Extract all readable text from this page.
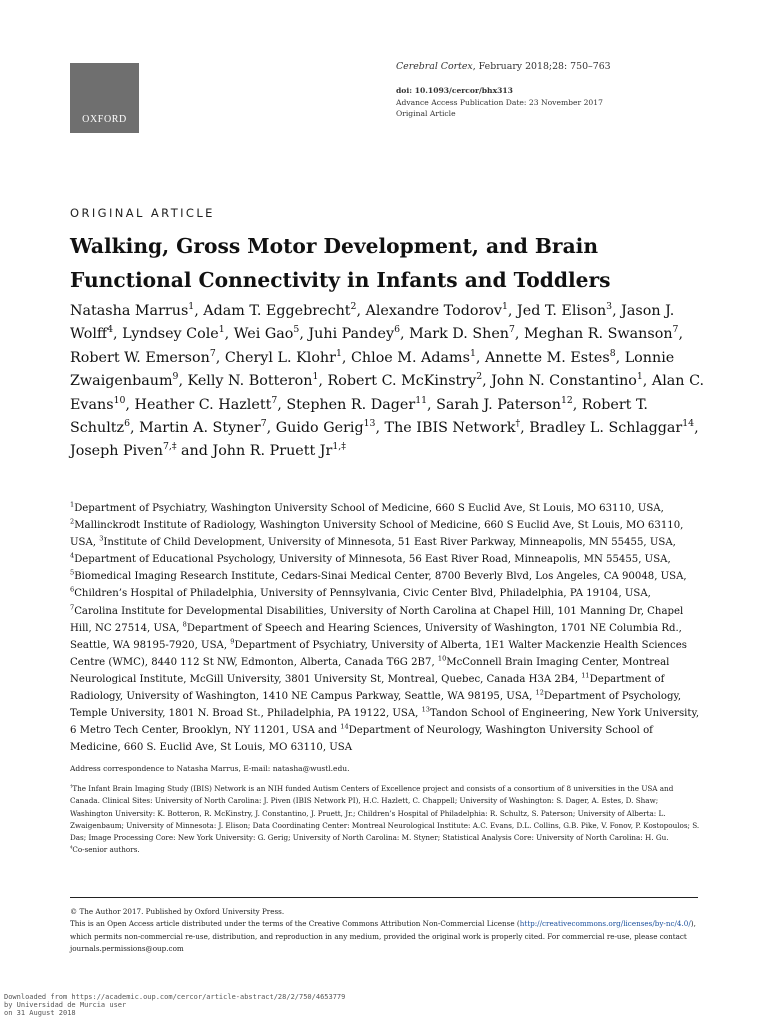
OXFORD
Cerebral Cortex, February 2018;28: 750–763
doi: 10.1093/cercor/bhx313
Advance Access Publication Date: 23 November 2017
Original Article
ORIGINAL ARTICLE
Walking, Gross Motor Development, and Brain
Functional Connectivity in Infants and Toddlers
Natasha Marrus$^1$, Adam T. Eggebrecht$^2$, Alexandre Todorov$^1$, Jed T. Elison$^3$, Jason J. Wolff$^4$, Lyndsey Cole$^1$, Wei Gao$^5$, Juhi Pandey$^6$, Mark D. Shen$^7$, Meghan R. Swanson$^7$, Robert W. Emerson$^7$, Cheryl L. Klohr$^1$, Chloe M. Adams$^1$, Annette M. Estes$^8$, Lonnie Zwaigenbaum$^9$, Kelly N. Botteron$^1$, Robert C. McKinstry$^2$, John N. Constantino$^1$, Alan C. Evans$^{10}$, Heather C. Hazlett$^7$, Stephen R. Dager$^{11}$, Sarah J. Paterson$^{12}$, Robert T. Schultz$^6$, Martin A. Styner$^7$, Guido Gerig$^{13}$, The IBIS Network†, Bradley L. Schlaggar$^{14}$, Joseph Piven$^{7,\ddagger}$ and John R. Pruett $Jr^{1,\ddagger}$
$^1$Department of Psychiatry, Washington University School of Medicine, 660 S Euclid Ave, St Louis, MO 63110, USA, $^2$Mallinckrodt Institute of Radiology, Washington University School of Medicine, 660 S Euclid Ave, St Louis, MO 63110, USA, $^3$Institute of Child Development, University of Minnesota, 51 East River Parkway, Minneapolis, MN 55455, USA, $^4$Department of Educational Psychology, University of Minnesota, 56 East River Road, Minneapolis, MN 55455, USA, $^5$Biomedical Imaging Research Institute, Cedars-Sinai Medical Center, 8700 Beverly Blvd, Los Angeles, CA 90048, USA, $^6$Children’s Hospital of Philadelphia, University of Pennsylvania, Civic Center Blvd, Philadelphia, PA 19104, USA, $^7$Carolina Institute for Developmental Disabilities, University of North Carolina at Chapel Hill, 101 Manning Dr, Chapel Hill, NC 27514, USA, $^8$Department of Speech and Hearing Sciences, University of Washington, 1701 NE Columbia Rd., Seattle, WA 98195-7920, USA, $^9$Department of Psychiatry, University of Alberta, 1E1 Walter Mackenzie Health Sciences Centre (WMC), 8440 112 St NW, Edmonton, Alberta, Canada T6G 2B7, $^{10}$McConnell Brain Imaging Center, Montreal Neurological Institute, McGill University, 3801 University St, Montreal, Quebec, Canada H3A 2B4, $^{11}$Department of Radiology, University of Washington, 1410 NE Campus Parkway, Seattle, WA 98195, USA, $^{12}$Department of Psychology, Temple University, 1801 N. Broad St., Philadelphia, PA 19122, USA, $^{13}$Tandon School of Engineering, New York University, 6 Metro Tech Center, Brooklyn, NY 11201, USA and $^{14}$Department of Neurology, Washington University School of Medicine, 660 S. Euclid Ave, St Louis, MO 63110, USA
Address correspondence to Natasha Marrus, E-mail: natasha@wustl.edu.
†The Infant Brain Imaging Study (IBIS) Network is an NIH funded Autism Centers of Excellence project and consists of a consortium of 8 universities in the USA and Canada. Clinical Sites: University of North Carolina: J. Piven (IBIS Network PI), H.C. Hazlett, C. Chappell; University of Washington: S. Dager, A. Estes, D. Shaw; Washington University: K. Botteron, R. McKinstry, J. Constantino, J. Pruett, Jr.; Children’s Hospital of Philadelphia: R. Schultz, S. Paterson; University of Alberta: L. Zwaigenbaum; University of Minnesota: J. Elison; Data Coordinating Center: Montreal Neurological Institute: A.C. Evans, D.L. Collins, G.B. Pike, V. Fonov, P. Kostopoulos; S. Das; Image Processing Core: New York University: G. Gerig; University of North Carolina: M. Styner; Statistical Analysis Core: University of North Carolina: H. Gu.
‡Co-senior authors.
© The Author 2017. Published by Oxford University Press.
This is an Open Access article distributed under the terms of the Creative Commons Attribution Non-Commercial License (http://creativecommons.org/licenses/by-nc/4.0/), which permits non-commercial re-use, distribution, and reproduction in any medium, provided the original work is properly cited. For commercial re-use, please contact journals.permissions@oup.com
Downloaded from https://academic.oup.com/cercor/article-abstract/28/2/750/4653779
by Universidad de Murcia user
on 31 August 2018
